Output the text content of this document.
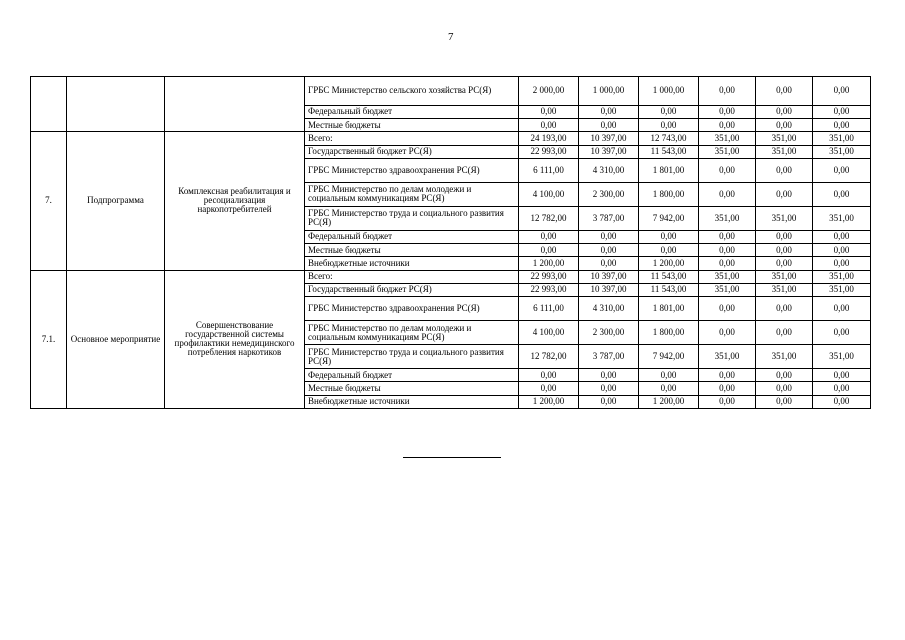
7
			ГРБС Министерство сельского хозяйства РС(Я)	2 000,00	1 000,00	1 000,00	0,00	0,00	0,00
			Федеральный бюджет	0,00	0,00	0,00	0,00	0,00	0,00
			Местные бюджеты	0,00	0,00	0,00	0,00	0,00	0,00
7.	Подпрограмма	Комплексная реабилитация и ресоциализация наркопотребителей	Всего:	24 193,00	10 397,00	12 743,00	351,00	351,00	351,00
			Государственный бюджет РС(Я)	22 993,00	10 397,00	11 543,00	351,00	351,00	351,00
			ГРБС Министерство здравоохранения РС(Я)	6 111,00	4 310,00	1 801,00	0,00	0,00	0,00
			ГРБС Министерство по делам молодежи и социальным коммуникациям РС(Я)	4 100,00	2 300,00	1 800,00	0,00	0,00	0,00
			ГРБС Министерство труда и социального развития РС(Я)	12 782,00	3 787,00	7 942,00	351,00	351,00	351,00
			Федеральный бюджет	0,00	0,00	0,00	0,00	0,00	0,00
			Местные бюджеты	0,00	0,00	0,00	0,00	0,00	0,00
			Внебюджетные источники	1 200,00	0,00	1 200,00	0,00	0,00	0,00
7.1.	Основное мероприятие	Совершенствование государственной системы профилактики немедицинского потребления наркотиков	Всего:	22 993,00	10 397,00	11 543,00	351,00	351,00	351,00
			Государственный бюджет РС(Я)	22 993,00	10 397,00	11 543,00	351,00	351,00	351,00
			ГРБС Министерство здравоохранения РС(Я)	6 111,00	4 310,00	1 801,00	0,00	0,00	0,00
			ГРБС Министерство по делам молодежи и социальным коммуникациям РС(Я)	4 100,00	2 300,00	1 800,00	0,00	0,00	0,00
			ГРБС Министерство труда и социального развития РС(Я)	12 782,00	3 787,00	7 942,00	351,00	351,00	351,00
			Федеральный бюджет	0,00	0,00	0,00	0,00	0,00	0,00
			Местные бюджеты	0,00	0,00	0,00	0,00	0,00	0,00
			Внебюджетные источники	1 200,00	0,00	1 200,00	0,00	0,00	0,00
